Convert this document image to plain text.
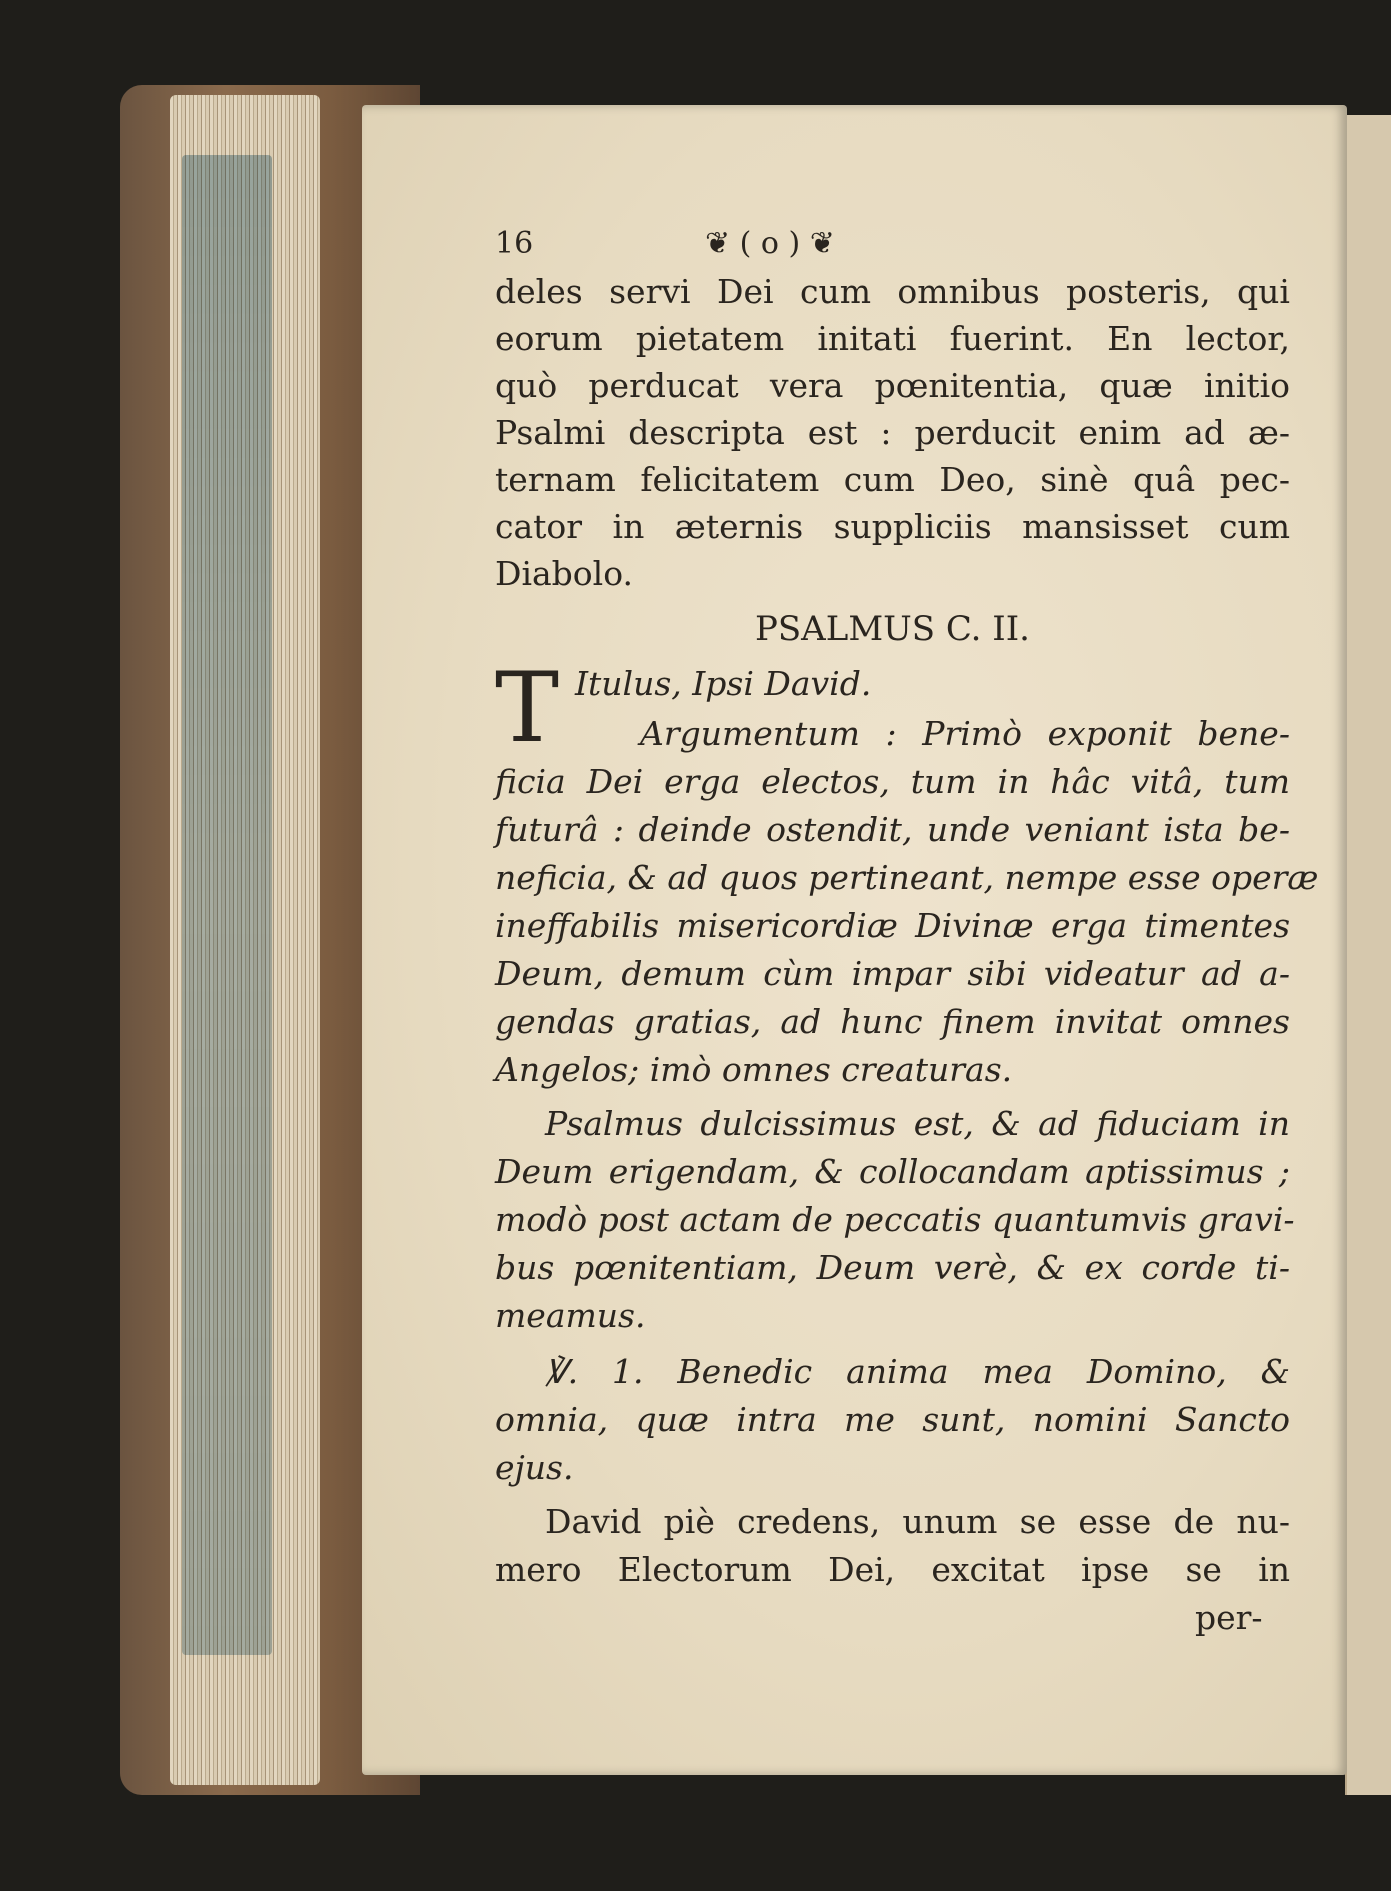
16	❦ ( o ) ❦
deles servi Dei cum omnibus posteris, qui
eorum pietatem initati fuerint. En lector,
quò perducat vera pœnitentia, quæ initio
Psalmi descripta est : perducit enim ad æ-
ternam felicitatem cum Deo, sinè quâ pec-
cator in æternis suppliciis mansisset cum
Diabolo.
PSALMUS C. II.
T Itulus, Ipsi David.
Argumentum : Primò exponit bene-
ficia Dei erga electos, tum in hâc vitâ, tum
futurâ : deinde ostendit, unde veniant ista be-
neficia, & ad quos pertineant, nempe esse operæ
ineffabilis misericordiæ Divinæ erga timentes
Deum, demum cùm impar sibi videatur ad a-
gendas gratias, ad hunc finem invitat omnes
Angelos; imò omnes creaturas.
Psalmus dulcissimus est, & ad fiduciam in
Deum erigendam, & collocandam aptissimus ;
modò post actam de peccatis quantumvis gravi-
bus pœnitentiam, Deum verè, & ex corde ti-
meamus.
℣. 1. Benedic anima mea Domino, &
omnia, quæ intra me sunt, nomini Sancto
ejus.
David piè credens, unum se esse de nu-
mero Electorum Dei, excitat ipse se in
per-
